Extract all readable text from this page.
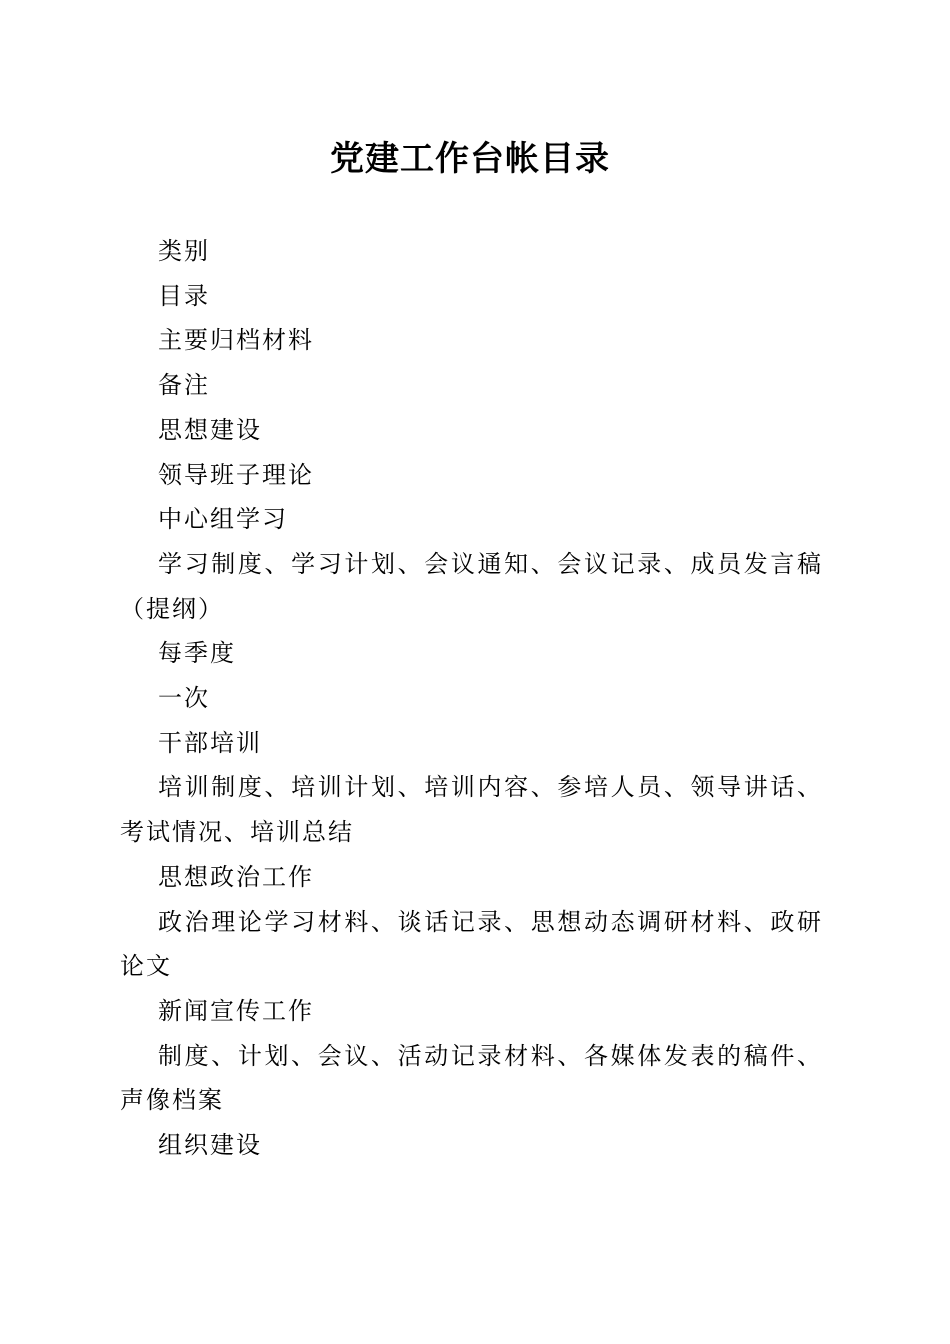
党建工作台帐目录

类别

目录

主要归档材料

备注

思想建设

领导班子理论

中心组学习

学习制度、学习计划、会议通知、会议记录、成员发言稿（提纲）

每季度

一次

干部培训

培训制度、培训计划、培训内容、参培人员、领导讲话、考试情况、培训总结

思想政治工作

政治理论学习材料、谈话记录、思想动态调研材料、政研论文

新闻宣传工作

制度、计划、会议、活动记录材料、各媒体发表的稿件、声像档案

组织建设
